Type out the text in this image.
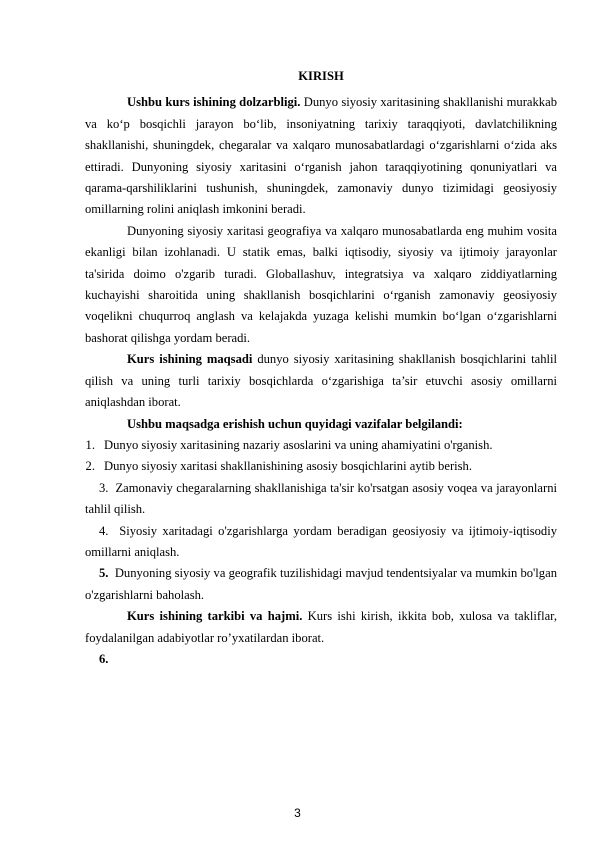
KIRISH

Ushbu kurs ishining dolzarbligi. Dunyo siyosiy xaritasining shakllanishi murakkab va ko‘p bosqichli jarayon bo‘lib, insoniyatning tarixiy taraqqiyoti, davlatchilikning shakllanishi, shuningdek, chegaralar va xalqaro munosabatlardagi o‘zgarishlarni o‘zida aks ettiradi. Dunyoning siyosiy xaritasini o‘rganish jahon taraqqiyotining qonuniyatlari va qarama-qarshiliklarini tushunish, shuningdek, zamonaviy dunyo tizimidagi geosiyosiy omillarning rolini aniqlash imkonini beradi.

Dunyoning siyosiy xaritasi geografiya va xalqaro munosabatlarda eng muhim vosita ekanligi bilan izohlanadi. U statik emas, balki iqtisodiy, siyosiy va ijtimoiy jarayonlar ta'sirida doimo o'zgarib turadi. Globallashuv, integratsiya va xalqaro ziddiyatlarning kuchayishi sharoitida uning shakllanish bosqichlarini o‘rganish zamonaviy geosiyosiy voqelikni chuqurroq anglash va kelajakda yuzaga kelishi mumkin bo‘lgan o‘zgarishlarni bashorat qilishga yordam beradi.

Kurs ishining maqsadi dunyo siyosiy xaritasining shakllanish bosqichlarini tahlil qilish va uning turli tarixiy bosqichlarda o‘zgarishiga ta’sir etuvchi asosiy omillarni aniqlashdan iborat.

Ushbu maqsadga erishish uchun quyidagi vazifalar belgilandi:

1. Dunyo siyosiy xaritasining nazariy asoslarini va uning ahamiyatini o'rganish.
2. Dunyo siyosiy xaritasi shakllanishining asosiy bosqichlarini aytib berish.

3. Zamonaviy chegaralarning shakllanishiga ta'sir ko'rsatgan asosiy voqea va jarayonlarni tahlil qilish.

4. Siyosiy xaritadagi o'zgarishlarga yordam beradigan geosiyosiy va ijtimoiy-iqtisodiy omillarni aniqlash.

5. Dunyoning siyosiy va geografik tuzilishidagi mavjud tendentsiyalar va mumkin bo'lgan o'zgarishlarni baholash.

Kurs ishining tarkibi va hajmi. Kurs ishi kirish, ikkita bob, xulosa va takliflar, foydalanilgan adabiyotlar ro’yxatilardan iborat.

6.

3
